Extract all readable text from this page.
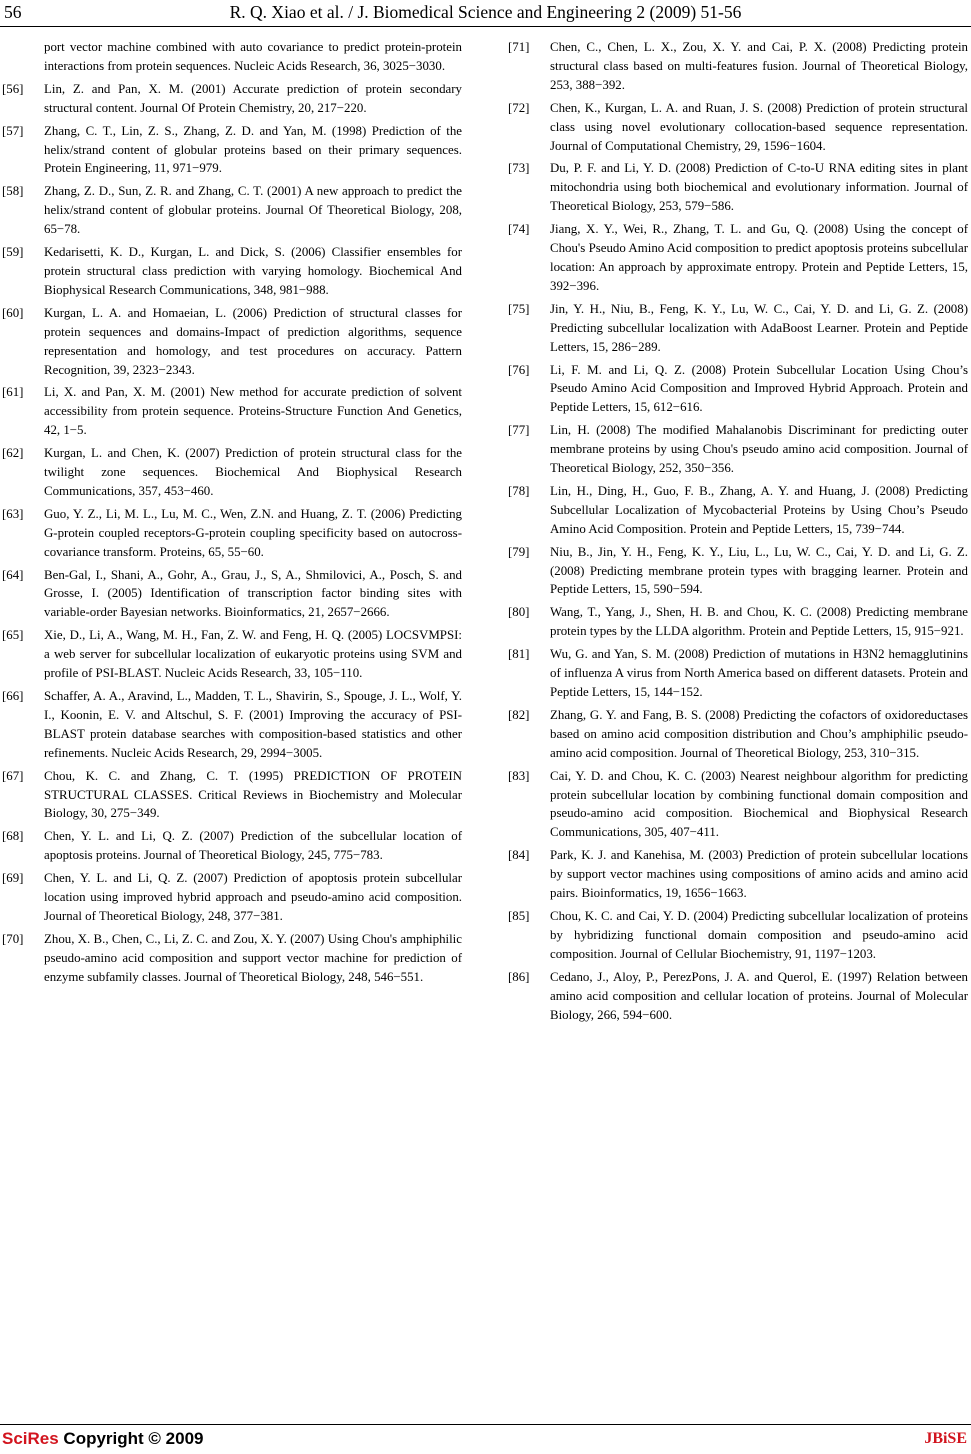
56	R. Q. Xiao et al. / J. Biomedical Science and Engineering 2 (2009) 51-56
port vector machine combined with auto covariance to predict protein-protein interactions from protein sequences. Nucleic Acids Research, 36, 3025−3030.
[56]	Lin, Z. and Pan, X. M. (2001) Accurate prediction of protein secondary structural content. Journal Of Protein Chemistry, 20, 217−220.
[57]	Zhang, C. T., Lin, Z. S., Zhang, Z. D. and Yan, M. (1998) Prediction of the helix/strand content of globular proteins based on their primary sequences. Protein Engineering, 11, 971−979.
[58]	Zhang, Z. D., Sun, Z. R. and Zhang, C. T. (2001) A new approach to predict the helix/strand content of globular proteins. Journal Of Theoretical Biology, 208, 65−78.
[59]	Kedarisetti, K. D., Kurgan, L. and Dick, S. (2006) Classifier ensembles for protein structural class prediction with varying homology. Biochemical And Biophysical Research Communications, 348, 981−988.
[60]	Kurgan, L. A. and Homaeian, L. (2006) Prediction of structural classes for protein sequences and domains-Impact of prediction algorithms, sequence representation and homology, and test procedures on accuracy. Pattern Recognition, 39, 2323−2343.
[61]	Li, X. and Pan, X. M. (2001) New method for accurate prediction of solvent accessibility from protein sequence. Proteins-Structure Function And Genetics, 42, 1−5.
[62]	Kurgan, L. and Chen, K. (2007) Prediction of protein structural class for the twilight zone sequences. Biochemical And Biophysical Research Communications, 357, 453−460.
[63]	Guo, Y. Z., Li, M. L., Lu, M. C., Wen, Z.N. and Huang, Z. T. (2006) Predicting G-protein coupled receptors-G-protein coupling specificity based on autocross-covariance transform. Proteins, 65, 55−60.
[64]	Ben-Gal, I., Shani, A., Gohr, A., Grau, J., S, A., Shmilovici, A., Posch, S. and Grosse, I. (2005) Identification of transcription factor binding sites with variable-order Bayesian networks. Bioinformatics, 21, 2657−2666.
[65]	Xie, D., Li, A., Wang, M. H., Fan, Z. W. and Feng, H. Q. (2005) LOCSVMPSI: a web server for subcellular localization of eukaryotic proteins using SVM and profile of PSI-BLAST. Nucleic Acids Research, 33, 105−110.
[66]	Schaffer, A. A., Aravind, L., Madden, T. L., Shavirin, S., Spouge, J. L., Wolf, Y. I., Koonin, E. V. and Altschul, S. F. (2001) Improving the accuracy of PSI-BLAST protein database searches with composition-based statistics and other refinements. Nucleic Acids Research, 29, 2994−3005.
[67]	Chou, K. C. and Zhang, C. T. (1995) PREDICTION OF PROTEIN STRUCTURAL CLASSES. Critical Reviews in Biochemistry and Molecular Biology, 30, 275−349.
[68]	Chen, Y. L. and Li, Q. Z. (2007) Prediction of the subcellular location of apoptosis proteins. Journal of Theoretical Biology, 245, 775−783.
[69]	Chen, Y. L. and Li, Q. Z. (2007) Prediction of apoptosis protein subcellular location using improved hybrid approach and pseudo-amino acid composition. Journal of Theoretical Biology, 248, 377−381.
[70]	Zhou, X. B., Chen, C., Li, Z. C. and Zou, X. Y. (2007) Using Chou's amphiphilic pseudo-amino acid composition and support vector machine for prediction of enzyme subfamily classes. Journal of Theoretical Biology, 248, 546−551.
[71]	Chen, C., Chen, L. X., Zou, X. Y. and Cai, P. X. (2008) Predicting protein structural class based on multi-features fusion. Journal of Theoretical Biology, 253, 388−392.
[72]	Chen, K., Kurgan, L. A. and Ruan, J. S. (2008) Prediction of protein structural class using novel evolutionary collocation-based sequence representation. Journal of Computational Chemistry, 29, 1596−1604.
[73]	Du, P. F. and Li, Y. D. (2008) Prediction of C-to-U RNA editing sites in plant mitochondria using both biochemical and evolutionary information. Journal of Theoretical Biology, 253, 579−586.
[74]	Jiang, X. Y., Wei, R., Zhang, T. L. and Gu, Q. (2008) Using the concept of Chou's Pseudo Amino Acid composition to predict apoptosis proteins subcellular location: An approach by approximate entropy. Protein and Peptide Letters, 15, 392−396.
[75]	Jin, Y. H., Niu, B., Feng, K. Y., Lu, W. C., Cai, Y. D. and Li, G. Z. (2008) Predicting subcellular localization with AdaBoost Learner. Protein and Peptide Letters, 15, 286−289.
[76]	Li, F. M. and Li, Q. Z. (2008) Protein Subcellular Location Using Chou’s Pseudo Amino Acid Composition and Improved Hybrid Approach. Protein and Peptide Letters, 15, 612−616.
[77]	Lin, H. (2008) The modified Mahalanobis Discriminant for predicting outer membrane proteins by using Chou's pseudo amino acid composition. Journal of Theoretical Biology, 252, 350−356.
[78]	Lin, H., Ding, H., Guo, F. B., Zhang, A. Y. and Huang, J. (2008) Predicting Subcellular Localization of Mycobacterial Proteins by Using Chou’s Pseudo Amino Acid Composition. Protein and Peptide Letters, 15, 739−744.
[79]	Niu, B., Jin, Y. H., Feng, K. Y., Liu, L., Lu, W. C., Cai, Y. D. and Li, G. Z. (2008) Predicting membrane protein types with bragging learner. Protein and Peptide Letters, 15, 590−594.
[80]	Wang, T., Yang, J., Shen, H. B. and Chou, K. C. (2008) Predicting membrane protein types by the LLDA algorithm. Protein and Peptide Letters, 15, 915−921.
[81]	Wu, G. and Yan, S. M. (2008) Prediction of mutations in H3N2 hemagglutinins of influenza A virus from North America based on different datasets. Protein and Peptide Letters, 15, 144−152.
[82]	Zhang, G. Y. and Fang, B. S. (2008) Predicting the cofactors of oxidoreductases based on amino acid composition distribution and Chou’s amphiphilic pseudo-amino acid composition. Journal of Theoretical Biology, 253, 310−315.
[83]	Cai, Y. D. and Chou, K. C. (2003) Nearest neighbour algorithm for predicting protein subcellular location by combining functional domain composition and pseudo-amino acid composition. Biochemical and Biophysical Research Communications, 305, 407−411.
[84]	Park, K. J. and Kanehisa, M. (2003) Prediction of protein subcellular locations by support vector machines using compositions of amino acids and amino acid pairs. Bioinformatics, 19, 1656−1663.
[85]	Chou, K. C. and Cai, Y. D. (2004) Predicting subcellular localization of proteins by hybridizing functional domain composition and pseudo-amino acid composition. Journal of Cellular Biochemistry, 91, 1197−1203.
[86]	Cedano, J., Aloy, P., PerezPons, J. A. and Querol, E. (1997) Relation between amino acid composition and cellular location of proteins. Journal of Molecular Biology, 266, 594−600.
SciRes Copyright © 2009	JBiSE
